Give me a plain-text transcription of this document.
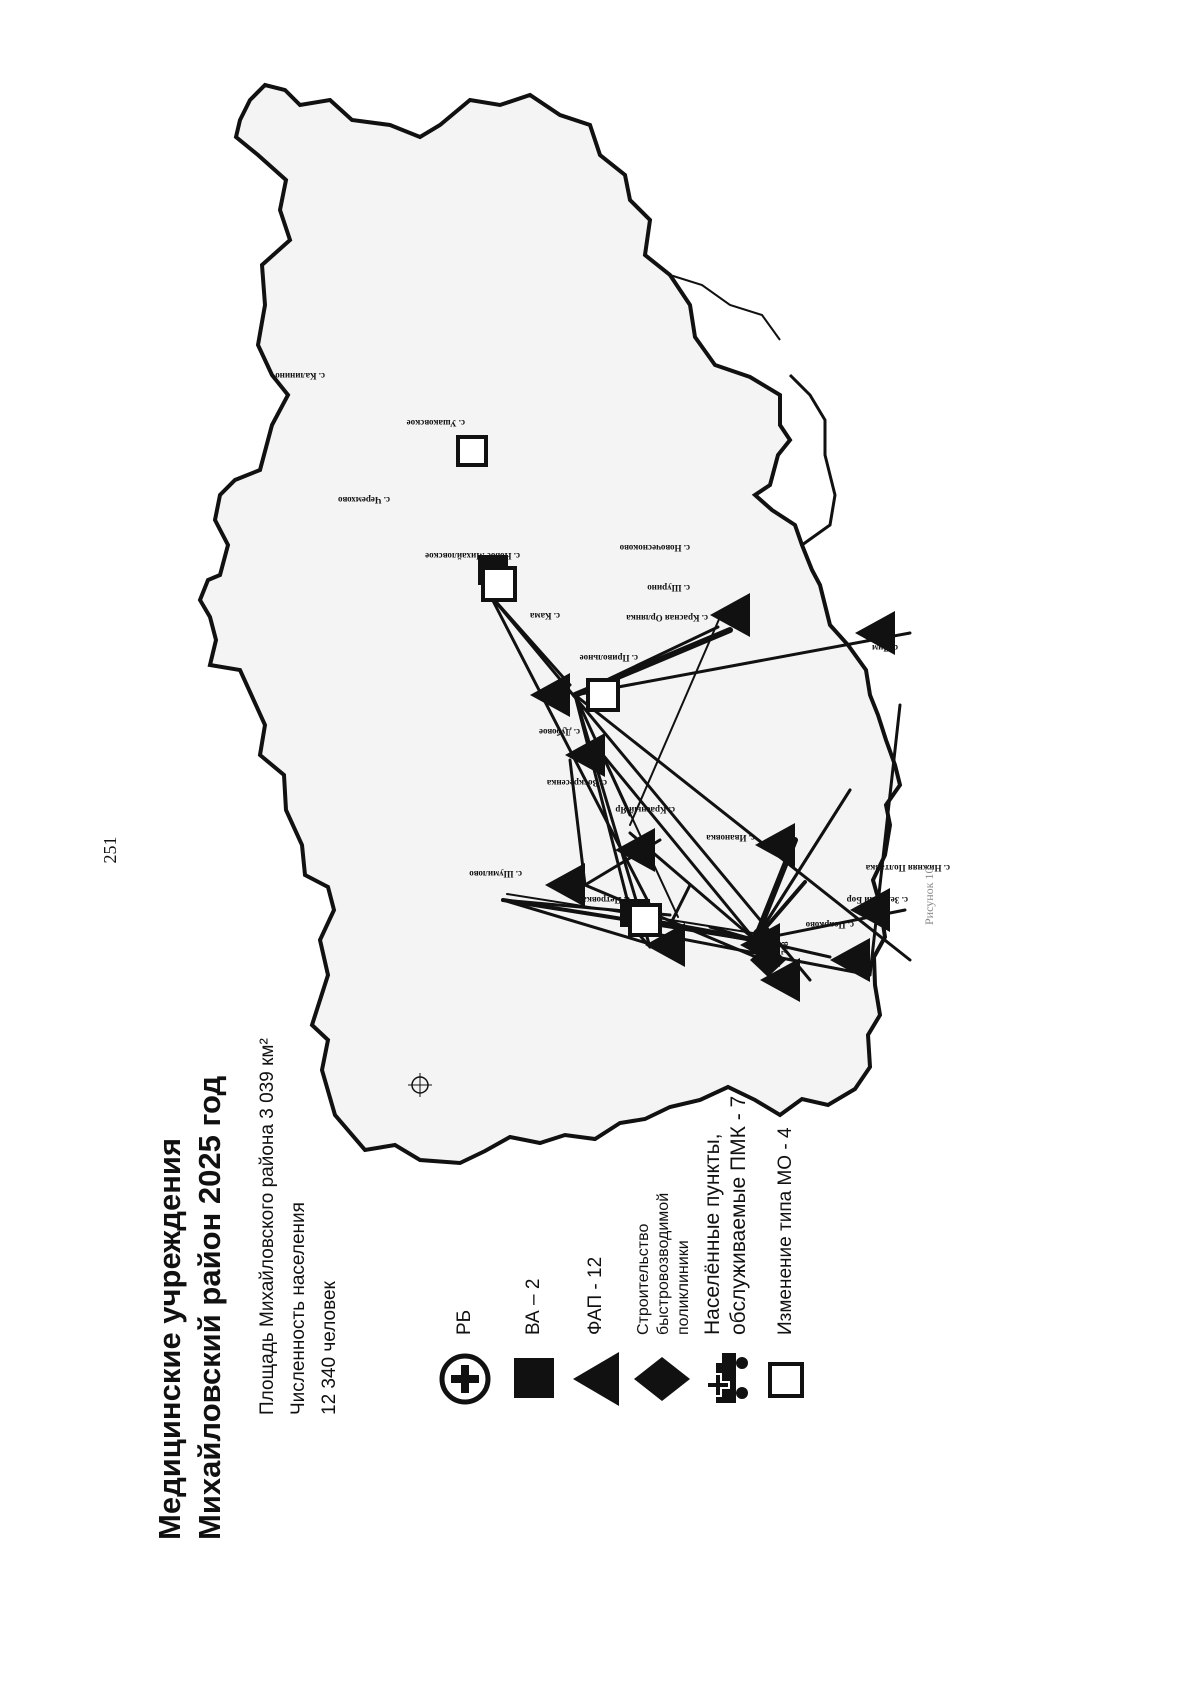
251
Медицинские учреждения Михайловский район 2025 год Площадь Михайловского района 3 039 км² Численность населения 12 340 человек	РБ	ВА – 2 ФАП - 12 Строительство быстровозводимой поликлиники Населённые пункты, обслуживаемые ПМК - 7 Изменение типа МО - 4
718
с. Петровка
с. Шумилово
с. Ивановка
с. Воскресенка
с. Красный Яр
с. Дубовое
с. Привольное
с. Красная Орлянка
с. Поярково
с. Зелёный Бор
с. Новое Михайловское
с. Кама
с. Черемхово
с. Калинино
с. Шурино
с. Дим
с. Ушаковское
с. Нижняя Полтавка
с. Новочесноково
Рисунок 10
